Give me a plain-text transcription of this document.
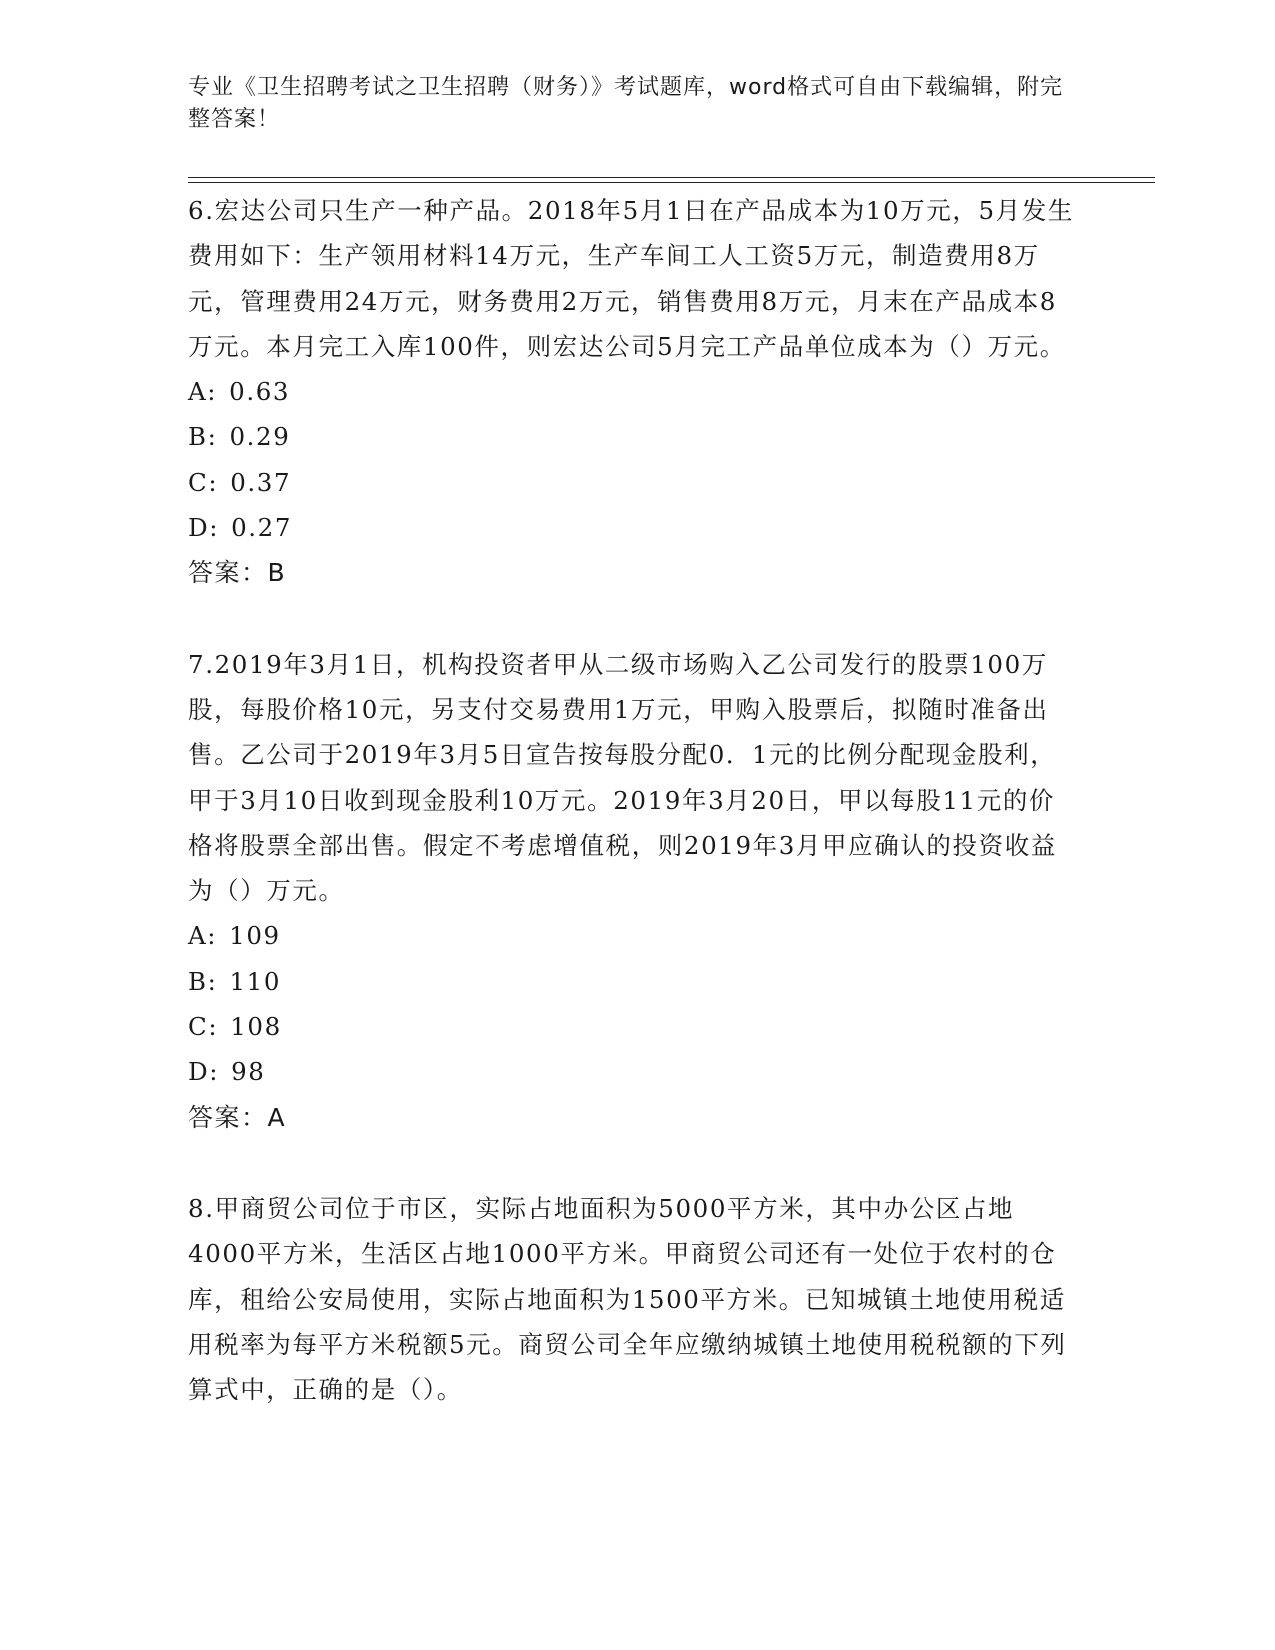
专业《卫生招聘考试之卫生招聘（财务）》考试题库，word格式可自由下载编辑，附完整答案！

6.宏达公司只生产一种产品。2018年5月1日在产品成本为10万元，5月发生费用如下：生产领用材料14万元，生产车间工人工资5万元，制造费用8万元，管理费用24万元，财务费用2万元，销售费用8万元，月末在产品成本8万元。本月完工入库100件，则宏达公司5月完工产品单位成本为（）万元。

A: 0.63

B: 0.29

C: 0.37

D: 0.27

答案：B

7.2019年3月1日，机构投资者甲从二级市场购入乙公司发行的股票100万股，每股价格10元，另支付交易费用1万元，甲购入股票后，拟随时准备出售。乙公司于2019年3月5日宣告按每股分配0．1元的比例分配现金股利，甲于3月10日收到现金股利10万元。2019年3月20日，甲以每股11元的价格将股票全部出售。假定不考虑增值税，则2019年3月甲应确认的投资收益为（）万元。

A: 109

B: 110

C: 108

D: 98

答案：A

8.甲商贸公司位于市区，实际占地面积为5000平方米，其中办公区占地4000平方米，生活区占地1000平方米。甲商贸公司还有一处位于农村的仓库，租给公安局使用，实际占地面积为1500平方米。已知城镇土地使用税适用税率为每平方米税额5元。商贸公司全年应缴纳城镇土地使用税税额的下列算式中，正确的是（）。
